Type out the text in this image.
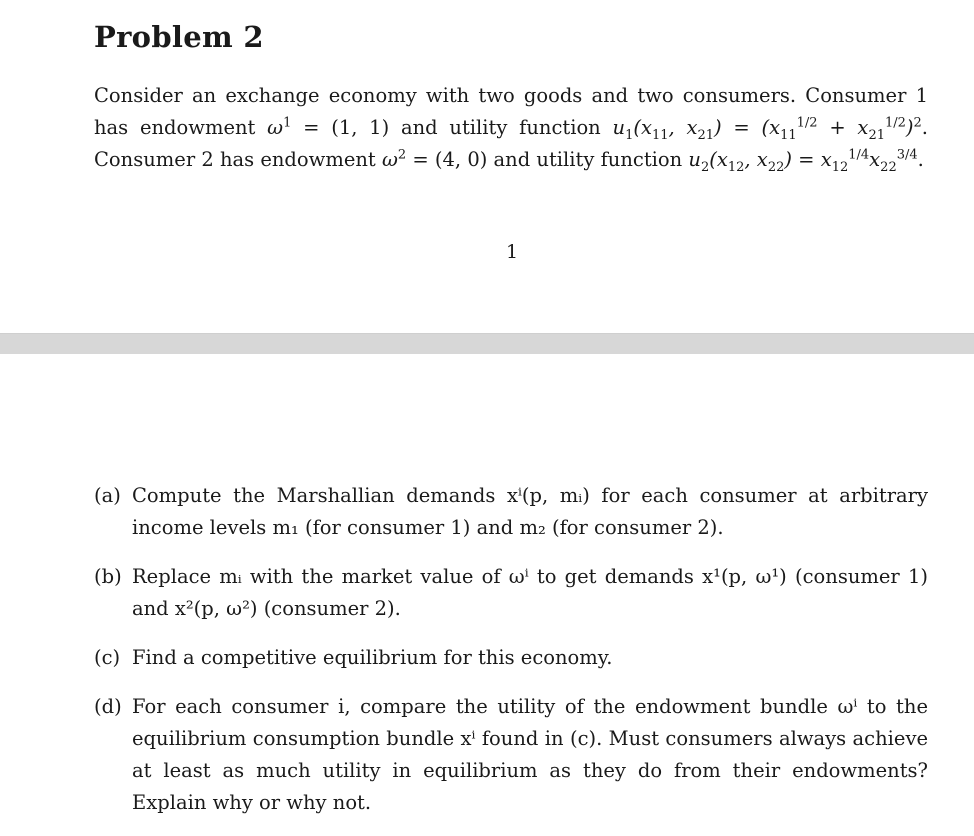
Problem 2
Consider an exchange economy with two goods and two consumers. Consumer 1 has endowment $\omega^1 = (1$, 1) and utility function $u_1(x_{11}$, $x_{21}) = (x_{11}^{1/2} + x_{21}^{1/2})^2$. Consumer 2 has endowment $\omega^2 = (4$, 0) and utility function $u_2(x_{12}$, $x_{22}) = x_{12}^{1/4}x_{22}^{3/4}$.
1
(a) Compute the Marshallian demands xⁱ(p, mᵢ) for each consumer at arbitrary income levels m₁ (for consumer 1) and m₂ (for consumer 2).
(b) Replace mᵢ with the market value of ωⁱ to get demands x¹(p, ω¹) (consumer 1) and x²(p, ω²) (consumer 2).
(c) Find a competitive equilibrium for this economy.
(d) For each consumer i, compare the utility of the endowment bundle ωⁱ to the equilibrium consumption bundle xⁱ found in (c). Must consumers always achieve at least as much utility in equilibrium as they do from their endowments? Explain why or why not.
